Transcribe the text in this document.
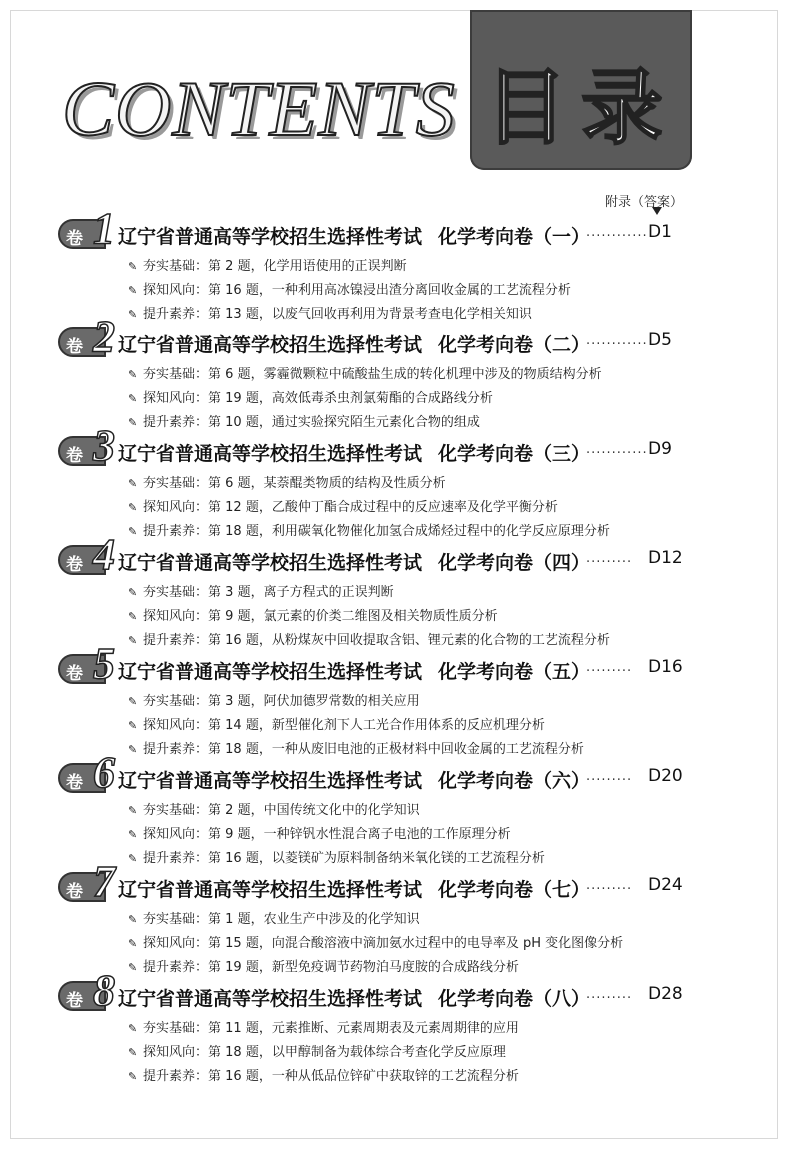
CONTENTS 目录
附录（答案）
卷 1 辽宁省普通高等学校招生选择性考试 化学考向卷（一）
............ D1
✎ 夯实基础：第 2 题，化学用语使用的正误判断
✎ 探知风向：第 16 题，一种利用高冰镍浸出渣分离回收金属的工艺流程分析
✎ 提升素养：第 13 题，以废气回收再利用为背景考查电化学相关知识
卷 2 辽宁省普通高等学校招生选择性考试 化学考向卷（二）
............ D5
✎ 夯实基础：第 6 题，雾霾微颗粒中硫酸盐生成的转化机理中涉及的物质结构分析
✎ 探知风向：第 19 题，高效低毒杀虫剂氯菊酯的合成路线分析
✎ 提升素养：第 10 题，通过实验探究陌生元素化合物的组成
卷 3 辽宁省普通高等学校招生选择性考试 化学考向卷（三）
............ D9
✎ 夯实基础：第 6 题，某萘醌类物质的结构及性质分析
✎ 探知风向：第 12 题，乙酸仲丁酯合成过程中的反应速率及化学平衡分析
✎ 提升素养：第 18 题，利用碳氧化物催化加氢合成烯烃过程中的化学反应原理分析
卷 4 辽宁省普通高等学校招生选择性考试 化学考向卷（四）
......... D12
✎ 夯实基础：第 3 题，离子方程式的正误判断
✎ 探知风向：第 9 题，氯元素的价类二维图及相关物质性质分析
✎ 提升素养：第 16 题，从粉煤灰中回收提取含铝、锂元素的化合物的工艺流程分析
卷 5 辽宁省普通高等学校招生选择性考试 化学考向卷（五）
......... D16
✎ 夯实基础：第 3 题，阿伏加德罗常数的相关应用
✎ 探知风向：第 14 题，新型催化剂下人工光合作用体系的反应机理分析
✎ 提升素养：第 18 题，一种从废旧电池的正极材料中回收金属的工艺流程分析
卷 6 辽宁省普通高等学校招生选择性考试 化学考向卷（六）
......... D20
✎ 夯实基础：第 2 题，中国传统文化中的化学知识
✎ 探知风向：第 9 题，一种锌钒水性混合离子电池的工作原理分析
✎ 提升素养：第 16 题，以菱镁矿为原料制备纳米氧化镁的工艺流程分析
卷 7 辽宁省普通高等学校招生选择性考试 化学考向卷（七）
......... D24
✎ 夯实基础：第 1 题，农业生产中涉及的化学知识
✎ 探知风向：第 15 题，向混合酸溶液中滴加氨水过程中的电导率及 pH 变化图像分析
✎ 提升素养：第 19 题，新型免疫调节药物泊马度胺的合成路线分析
卷 8 辽宁省普通高等学校招生选择性考试 化学考向卷（八）
......... D28
✎ 夯实基础：第 11 题，元素推断、元素周期表及元素周期律的应用
✎ 探知风向：第 18 题，以甲醇制备为载体综合考查化学反应原理
✎ 提升素养：第 16 题，一种从低品位锌矿中获取锌的工艺流程分析
